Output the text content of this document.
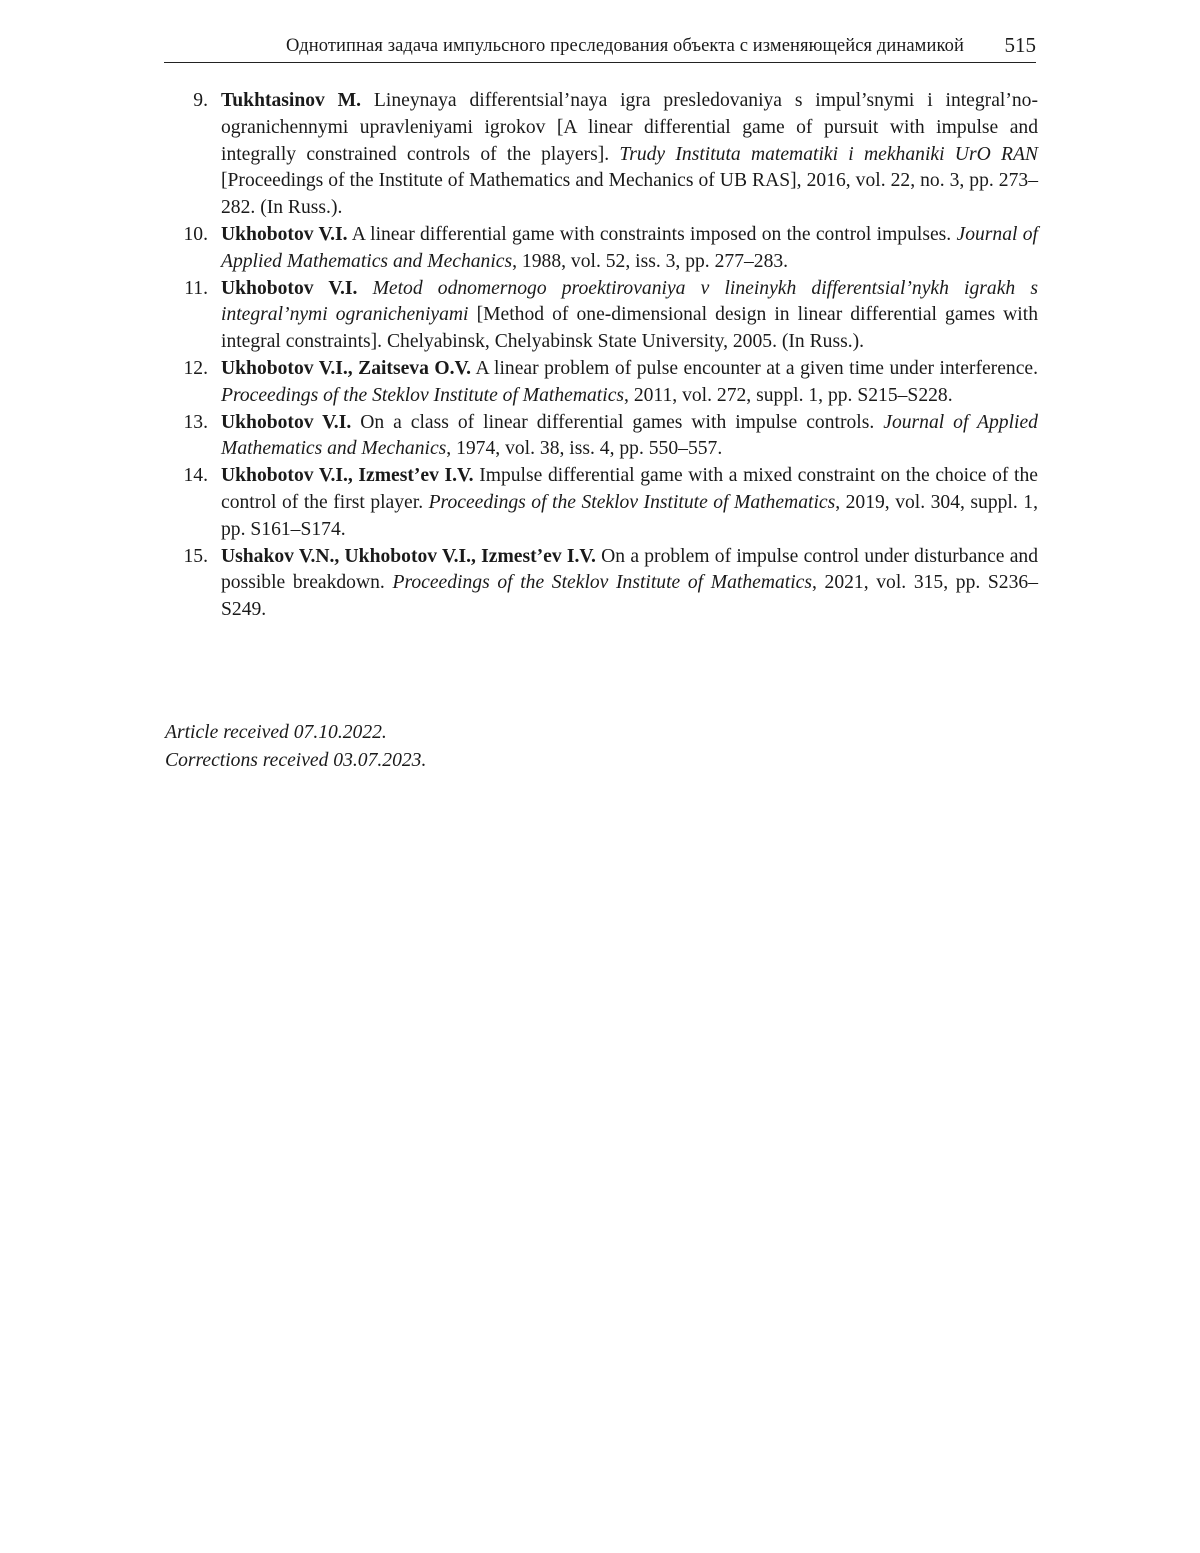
Однотипная задача импульсного преследования объекта с изменяющейся динамикой 515
9. Tukhtasinov M. Lineynaya differentsial’naya igra presledovaniya s impul’snymi i integral’no-ogranichennymi upravleniyami igrokov [A linear differential game of pursuit with impulse and integrally constrained controls of the players]. Trudy Instituta matematiki i mekhaniki UrO RAN [Proceedings of the Institute of Mathematics and Mechanics of UB RAS], 2016, vol. 22, no. 3, pp. 273–282. (In Russ.).
10. Ukhobotov V.I. A linear differential game with constraints imposed on the control impulses. Journal of Applied Mathematics and Mechanics, 1988, vol. 52, iss. 3, pp. 277–283.
11. Ukhobotov V.I. Metod odnomernogo proektirovaniya v lineinykh differentsial’nykh igrakh s integral’nymi ogranicheniyami [Method of one-dimensional design in linear differential games with integral constraints]. Chelyabinsk, Chelyabinsk State University, 2005. (In Russ.).
12. Ukhobotov V.I., Zaitseva O.V. A linear problem of pulse encounter at a given time under interference. Proceedings of the Steklov Institute of Mathematics, 2011, vol. 272, suppl. 1, pp. S215–S228.
13. Ukhobotov V.I. On a class of linear differential games with impulse controls. Journal of Applied Mathematics and Mechanics, 1974, vol. 38, iss. 4, pp. 550–557.
14. Ukhobotov V.I., Izmest’ev I.V. Impulse differential game with a mixed constraint on the choice of the control of the first player. Proceedings of the Steklov Institute of Mathematics, 2019, vol. 304, suppl. 1, pp. S161–S174.
15. Ushakov V.N., Ukhobotov V.I., Izmest’ev I.V. On a problem of impulse control under disturbance and possible breakdown. Proceedings of the Steklov Institute of Mathematics, 2021, vol. 315, pp. S236–S249.
Article received 07.10.2022.
Corrections received 03.07.2023.
